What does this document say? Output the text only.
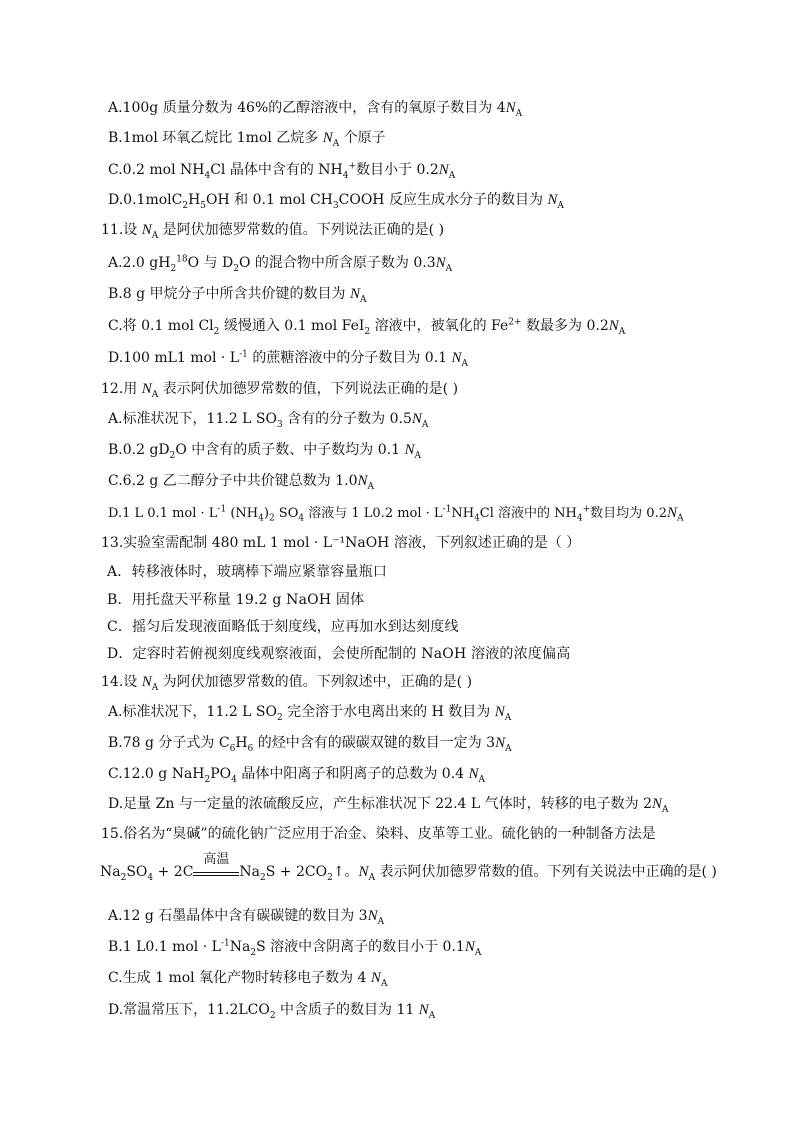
A.100g 质量分数为 46%的乙醇溶液中，含有的氧原子数目为 $4N_A$
B.1mol 环氧乙烷比 1mol 乙烷多 $N_A$ 个原子
C.0.2 mol $NH_4Cl$ 晶体中含有的 $NH_4^+$数目小于 $0.2N_A$
$D.0.1molC_2H_5OH$ 和 0.1 mol $CH_3COOH$ 反应生成水分子的数目为 $N_A$
11.设 $N_A$ 是阿伏加德罗常数的值。下列说法正确的是( )
A.2.0 $gH_2^{18}O$ 与 $D_2O$ 的混合物中所含原子数为 $0.3N_A$
B.8 g 甲烷分子中所含共价键的数目为 $N_A$
C.将 0.1 mol $Cl_2$ 缓慢通入 0.1 mol FeI$_2$ 溶液中，被氧化的 $Fe^{2+}$ 数最多为 $0.2N_A$
D.100 mL1 mol · $L^{-1}$ 的蔗糖溶液中的分子数目为 0.1 $N_A$
12.用 $N_A$ 表示阿伏加德罗常数的值，下列说法正确的是( )
A.标准状况下，11.2 L $SO_3$ 含有的分子数为 $0.5N_A$
B.0.2 $gD_2O$ 中含有的质子数、中子数均为 0.1 $N_A$
C.6.2 g 乙二醇分子中共价键总数为 $1.0N_A$
D.1 L 0.1 mol · $L^{-1}$ $(NH_4)_2$ $SO_4$ 溶液与 1 L0.2 mol · $L^{-1}NH_4Cl$ 溶液中的 $NH_4^+$数目均为 $0.2N_A$
13.实验室需配制 480 mL 1 mol · L⁻¹NaOH 溶液，下列叙述正确的是（ ）
A．转移液体时，玻璃棒下端应紧靠容量瓶口
B．用托盘天平称量 19.2 g NaOH 固体
C．摇匀后发现液面略低于刻度线，应再加水到达刻度线
D．定容时若俯视刻度线观察液面，会使所配制的 NaOH 溶液的浓度偏高
14.设 $N_A$ 为阿伏加德罗常数的值。下列叙述中，正确的是( )
A.标准状况下，11.2 L $SO_2$ 完全溶于水电离出来的 H 数目为 $N_A$
B.78 g 分子式为 $C_6H_6$ 的烃中含有的碳碳双键的数目一定为 $3N_A$
C.12.0 g $NaH_2PO_4$ 晶体中阳离子和阴离子的总数为 0.4 $N_A$
D.足量 Zn 与一定量的浓硫酸反应，产生标准状况下 22.4 L 气体时，转移的电子数为 $2N_A$
15.俗名为“臭碱”的硫化钠广泛应用于冶金、染料、皮革等工业。硫化钠的一种制备方法是
$Na_2SO_4 + 2C$
高温
$Na_2S$ + $2CO_2↑$。$N_A$ 表示阿伏加德罗常数的值。下列有关说法中正确的是( )
A.12 g 石墨晶体中含有碳碳键的数目为 $3N_A$
B.1 L0.1 mol · $L^{-1}Na_2S$ 溶液中含阴离子的数目小于 $0.1N_A$
C.生成 1 mol 氧化产物时转移电子数为 4 $N_A$
D.常温常压下，$11.2LCO_2$ 中含质子的数目为 11 $N_A$
